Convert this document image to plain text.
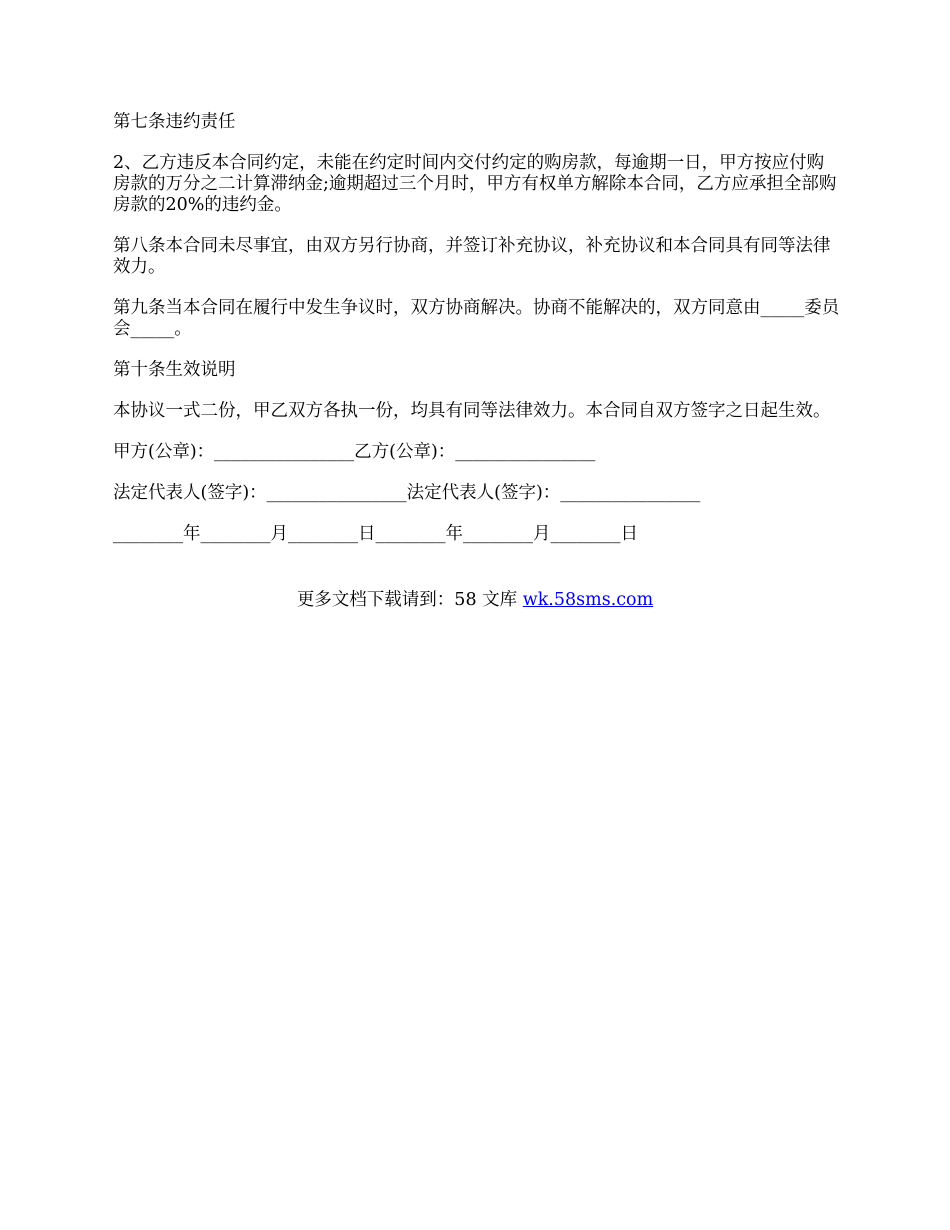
第七条违约责任

2、乙方违反本合同约定，未能在约定时间内交付约定的购房款，每逾期一日，甲方按应付购房款的万分之二计算滞纳金;逾期超过三个月时，甲方有权单方解除本合同，乙方应承担全部购房款的20%的违约金。

第八条本合同未尽事宜，由双方另行协商，并签订补充协议，补充协议和本合同具有同等法律效力。

第九条当本合同在履行中发生争议时，双方协商解决。协商不能解决的，双方同意由_____委员会_____。

第十条生效说明

本协议一式二份，甲乙双方各执一份，均具有同等法律效力。本合同自双方签字之日起生效。

甲方(公章)：________________乙方(公章)：________________

法定代表人(签字)：________________法定代表人(签字)：________________

________年________月________日________年________月________日

更多文档下载请到：58 文库 wk.58sms.com
